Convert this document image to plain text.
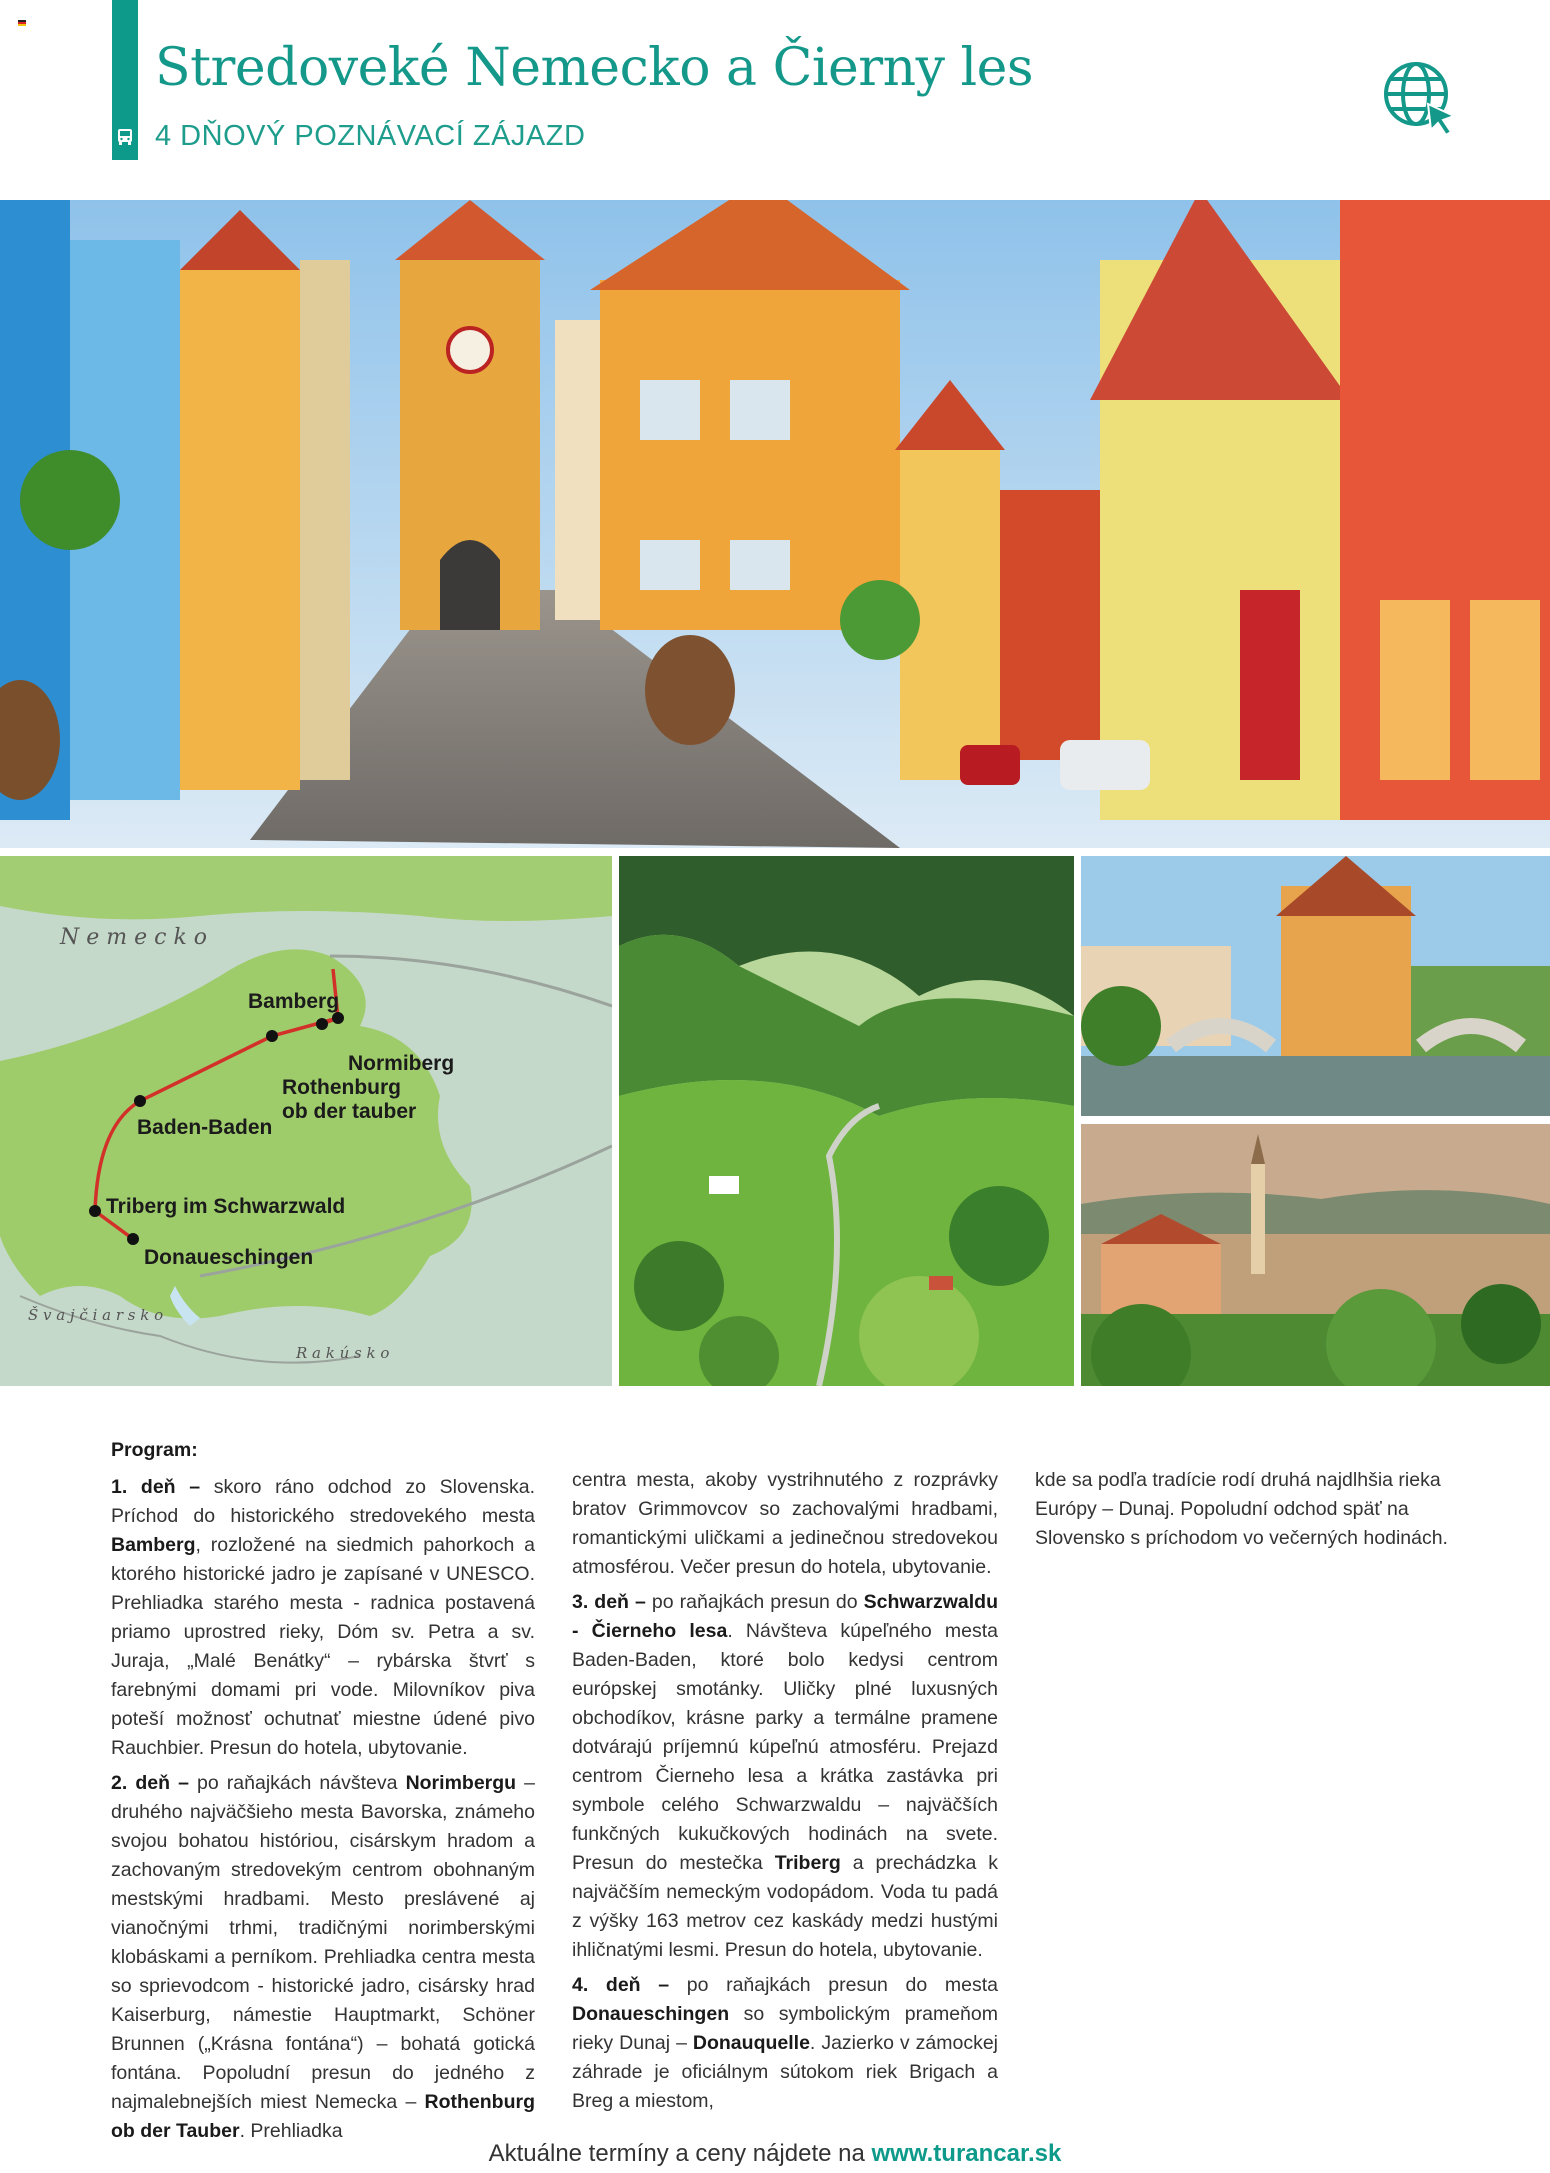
Stredoveké Nemecko a Čierny les
4 DŇOVÝ POZNÁVACÍ ZÁJAZD
N e m e c k o
Š v a j č i a r s k o
R a k ú s k o
Bamberg
Normiberg
Rothenburg
ob der tauber
Baden-Baden
Triberg im Schwarzwald
Donaueschingen

Program:

1. deň – skoro ráno odchod zo Slovenska. Príchod do historického stredovekého mesta Bamberg, rozložené na siedmich pahorkoch a ktorého historické jadro je zapísané v UNESCO. Prehliadka starého mesta - radnica postavená priamo uprostred rieky, Dóm sv. Petra a sv. Juraja, „Malé Benátky“ – rybárska štvrť s farebnými domami pri vode. Milovníkov piva poteší možnosť ochutnať miestne údené pivo Rauchbier. Presun do hotela, ubytovanie.

2. deň – po raňajkách návšteva Norimbergu – druhého najväčšieho mesta Bavorska, známeho svojou bohatou históriou, cisárskym hradom a zachovaným stredovekým centrom obohnaným mestskými hradbami. Mesto preslávené aj vianočnými trhmi, tradičnými norimberskými klobáskami a perníkom. Prehliadka centra mesta so sprievodcom - historické jadro, cisársky hrad Kaiserburg, námestie Hauptmarkt, Schöner Brunnen („Krásna fontána“) – bohatá gotická fontána. Popoludní presun do jedného z najmalebnejších miest Nemecka – Rothenburg ob der Tauber. Prehliadka

centra mesta, akoby vystrihnutého z rozprávky bratov Grimmovcov so zachovalými hradbami, romantickými uličkami a jedinečnou stredovekou atmosférou. Večer presun do hotela, ubytovanie.

3. deň – po raňajkách presun do Schwarzwaldu - Čierneho lesa. Návšteva kúpeľného mesta Baden-Baden, ktoré bolo kedysi centrom európskej smotánky. Uličky plné luxusných obchodíkov, krásne parky a termálne pramene dotvárajú príjemnú kúpeľnú atmosféru. Prejazd centrom Čierneho lesa a krátka zastávka pri symbole celého Schwarzwaldu – najväčších funkčných kukučkových hodinách na svete. Presun do mestečka Triberg a prechádzka k najväčším nemeckým vodopádom. Voda tu padá z výšky 163 metrov cez kaskády medzi hustými ihličnatými lesmi. Presun do hotela, ubytovanie.

4. deň – po raňajkách presun do mesta Donaueschingen so symbolickým prameňom rieky Dunaj – Donauquelle. Jazierko v zámockej záhrade je oficiálnym sútokom riek Brigach a Breg a miestom,

kde sa podľa tradície rodí druhá najdlhšia rieka Európy – Dunaj. Popoludní odchod späť na Slovensko s príchodom vo večerných hodinách.

Aktuálne termíny a ceny nájdete na www.turancar.sk
